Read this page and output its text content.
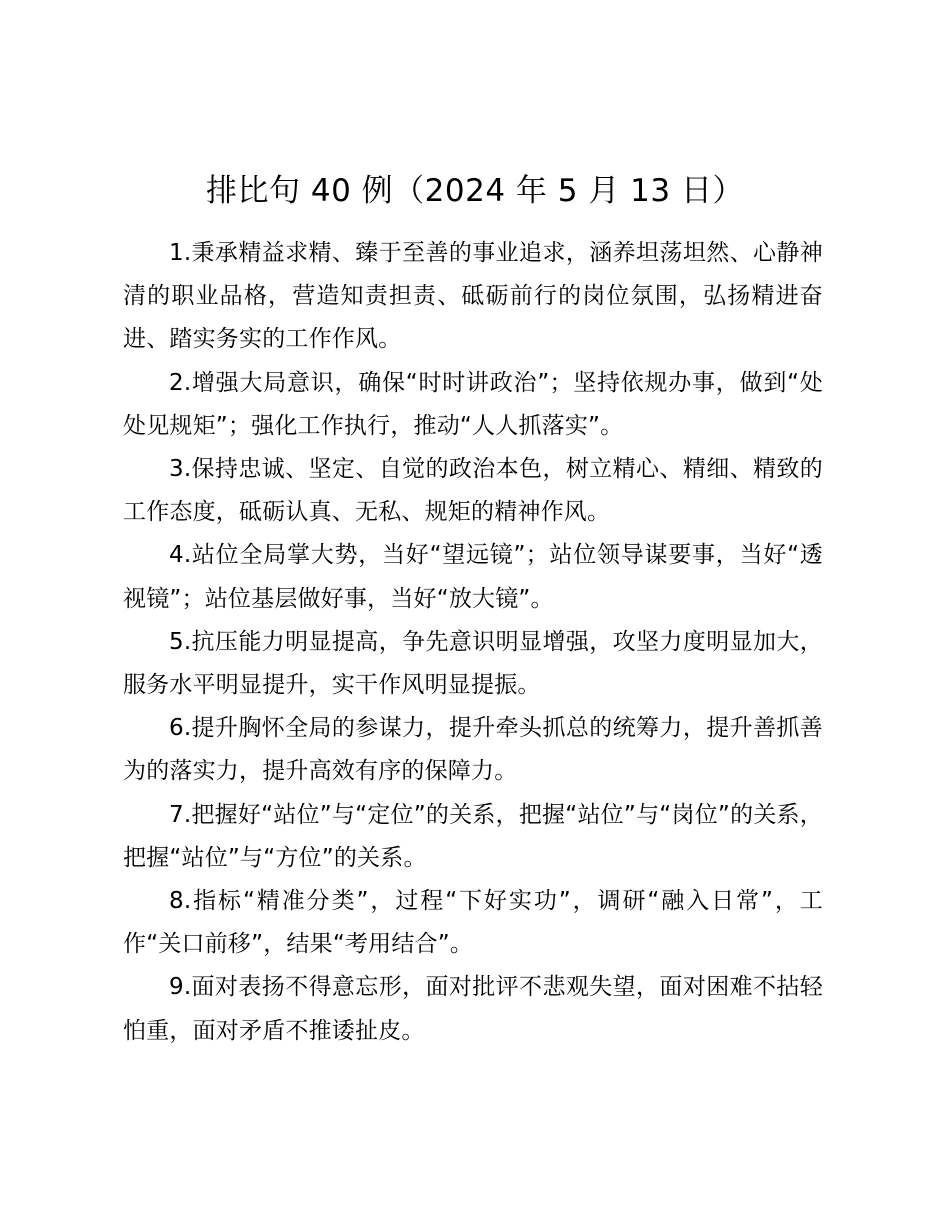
排比句 40 例（2024 年 5 月 13 日）
1.秉承精益求精、臻于至善的事业追求，涵养坦荡坦然、心静神清的职业品格，营造知责担责、砥砺前行的岗位氛围，弘扬精进奋进、踏实务实的工作作风。
2.增强大局意识，确保“时时讲政治”；坚持依规办事，做到“处处见规矩”；强化工作执行，推动“人人抓落实”。
3.保持忠诚、坚定、自觉的政治本色，树立精心、精细、精致的工作态度，砥砺认真、无私、规矩的精神作风。
4.站位全局掌大势，当好“望远镜”；站位领导谋要事，当好“透视镜”；站位基层做好事，当好“放大镜”。
5.抗压能力明显提高，争先意识明显增强，攻坚力度明显加大，服务水平明显提升，实干作风明显提振。
6.提升胸怀全局的参谋力，提升牵头抓总的统筹力，提升善抓善为的落实力，提升高效有序的保障力。
7.把握好“站位”与“定位”的关系，把握“站位”与“岗位”的关系，把握“站位”与“方位”的关系。
8.指标“精准分类”，过程“下好实功”，调研“融入日常”，工作“关口前移”，结果“考用结合”。
9.面对表扬不得意忘形，面对批评不悲观失望，面对困难不拈轻怕重，面对矛盾不推诿扯皮。
